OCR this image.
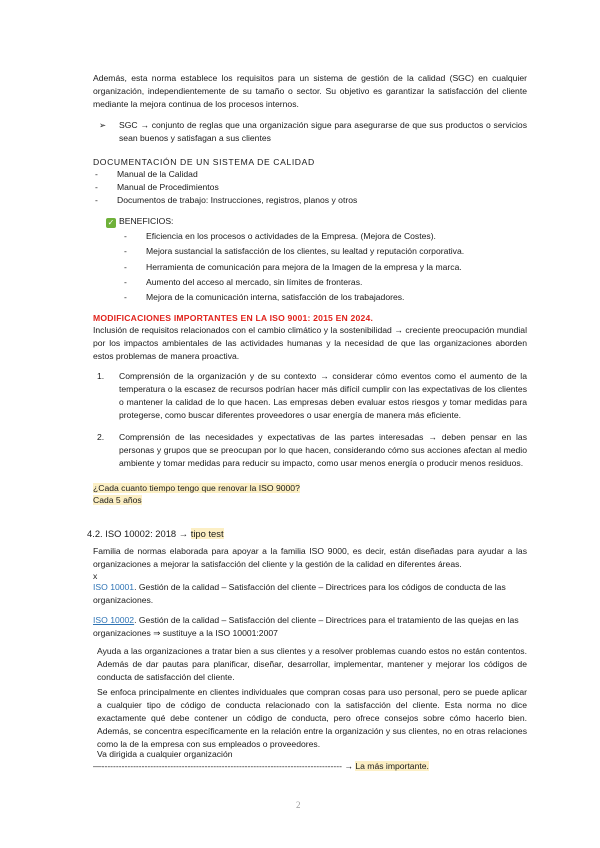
Además, esta norma establece los requisitos para un sistema de gestión de la calidad (SGC) en cualquier organización, independientemente de su tamaño o sector. Su objetivo es garantizar la satisfacción del cliente mediante la mejora continua de los procesos internos.

➢	SGC → conjunto de reglas que una organización sigue para asegurarse de que sus productos o servicios sean buenos y satisfagan a sus clientes

DOCUMENTACIÓN DE UN SISTEMA DE CALIDAD

-	Manual de la Calidad
-	Manual de Procedimientos
-	Documentos de trabajo: Instrucciones, registros, planos y otros

✓ BENEFICIOS:

-	Eficiencia en los procesos o actividades de la Empresa. (Mejora de Costes).
-	Mejora sustancial la satisfacción de los clientes, su lealtad y reputación corporativa.
-	Herramienta de comunicación para mejora de la Imagen de la empresa y la marca.
-	Aumento del acceso al mercado, sin límites de fronteras.
-	Mejora de la comunicación interna, satisfacción de los trabajadores.

MODIFICACIONES IMPORTANTES EN LA ISO 9001: 2015 EN 2024.

Inclusión de requisitos relacionados con el cambio climático y la sostenibilidad → creciente preocupación mundial por los impactos ambientales de las actividades humanas y la necesidad de que las organizaciones aborden estos problemas de manera proactiva.

1.	Comprensión de la organización y de su contexto → considerar cómo eventos como el aumento de la temperatura o la escasez de recursos podrían hacer más difícil cumplir con las expectativas de los clientes o mantener la calidad de lo que hacen. Las empresas deben evaluar estos riesgos y tomar medidas para protegerse, como buscar diferentes proveedores o usar energía de manera más eficiente.

2.	Comprensión de las necesidades y expectativas de las partes interesadas → deben pensar en las personas y grupos que se preocupan por lo que hacen, considerando cómo sus acciones afectan al medio ambiente y tomar medidas para reducir su impacto, como usar menos energía o producir menos residuos.

¿Cada cuanto tiempo tengo que renovar la ISO 9000?

Cada 5 años

4.2. ISO 10002: 2018 → tipo test

Familia de normas elaborada para apoyar a la familia ISO 9000, es decir, están diseñadas para ayudar a las organizaciones a mejorar la satisfacción del cliente y la gestión de la calidad en diferentes áreas.

x

ISO 10001. Gestión de la calidad – Satisfacción del cliente – Directrices para los códigos de conducta de las organizaciones.

ISO 10002. Gestión de la calidad – Satisfacción del cliente – Directrices para el tratamiento de las quejas en las organizaciones ⇒ sustituye a la ISO 10001:2007

Ayuda a las organizaciones a tratar bien a sus clientes y a resolver problemas cuando estos no están contentos. Además de dar pautas para planificar, diseñar, desarrollar, implementar, mantener y mejorar los códigos de conducta de satisfacción del cliente.

Se enfoca principalmente en clientes individuales que compran cosas para uso personal, pero se puede aplicar a cualquier tipo de código de conducta relacionado con la satisfacción del cliente. Esta norma no dice exactamente qué debe contener un código de conducta, pero ofrece consejos sobre cómo hacerlo bien. Además, se concentra específicamente en la relación entre la organización y sus clientes, no en otras relaciones como la de la empresa con sus empleados o proveedores.

Va dirigida a cualquier organización

—------------------------------------------------------------------------------------ → La más importante.

2
